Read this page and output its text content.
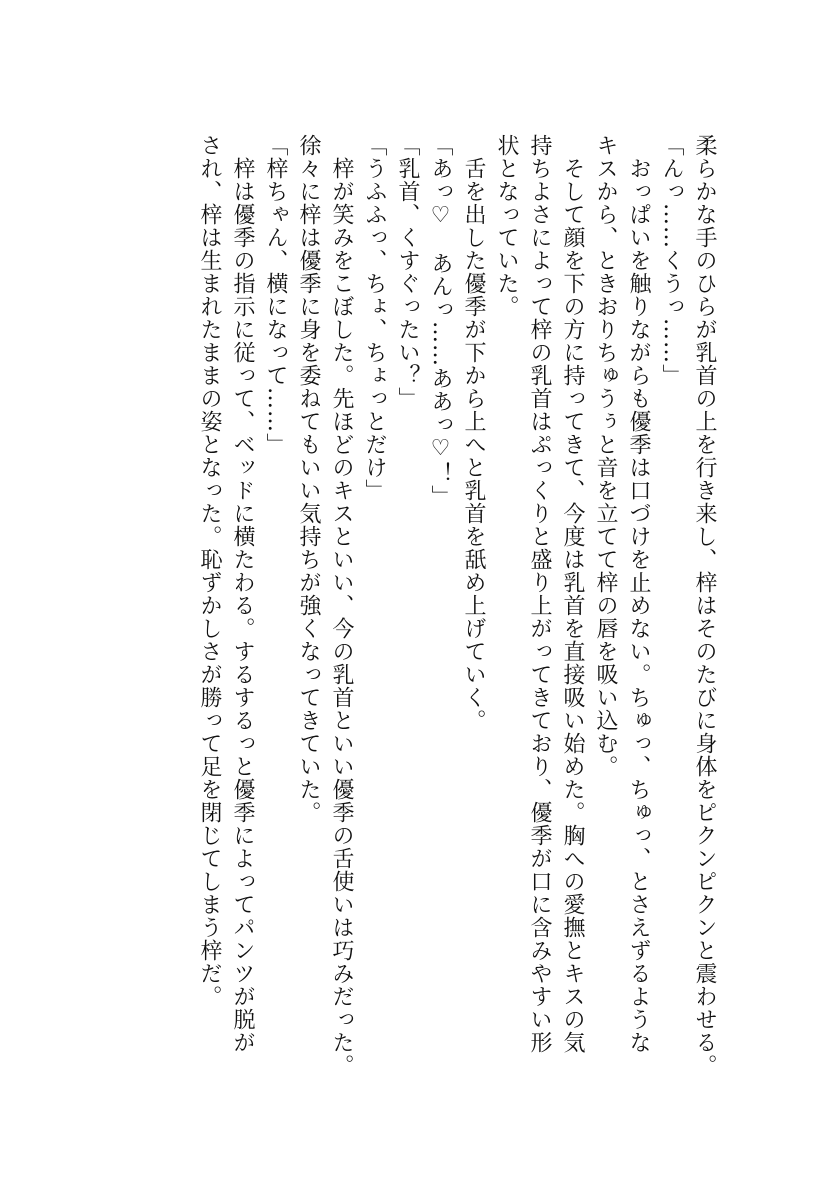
柔らかな手のひらが乳首の上を行き来し、梓はそのたびに身体をピクンピクンと震わせる。

「んっ……くうっ……」

　おっぱいを触りながらも優季は口づけを止めない。ちゅっ、ちゅっ、とさえずるような

キスから、ときおりちゅうぅと音を立てて梓の唇を吸い込む。

　そして顔を下の方に持ってきて、今度は乳首を直接吸い始めた。胸への愛撫とキスの気

持ちよさによって梓の乳首はぷっくりと盛り上がってきており、優季が口に含みやすい形

状となっていた。

　舌を出した優季が下から上へと乳首を舐め上げていく。

「あっ♡　あんっ……ああっ♡！」

「乳首、くすぐったい？」

「うふふっ、ちょ、ちょっとだけ」

　梓が笑みをこぼした。先ほどのキスといい、今の乳首といい優季の舌使いは巧みだった。

徐々に梓は優季に身を委ねてもいい気持ちが強くなってきていた。

「梓ちゃん、横になって……」

　梓は優季の指示に従って、ベッドに横たわる。するするっと優季によってパンツが脱が

され、梓は生まれたままの姿となった。恥ずかしさが勝って足を閉じてしまう梓だ。
